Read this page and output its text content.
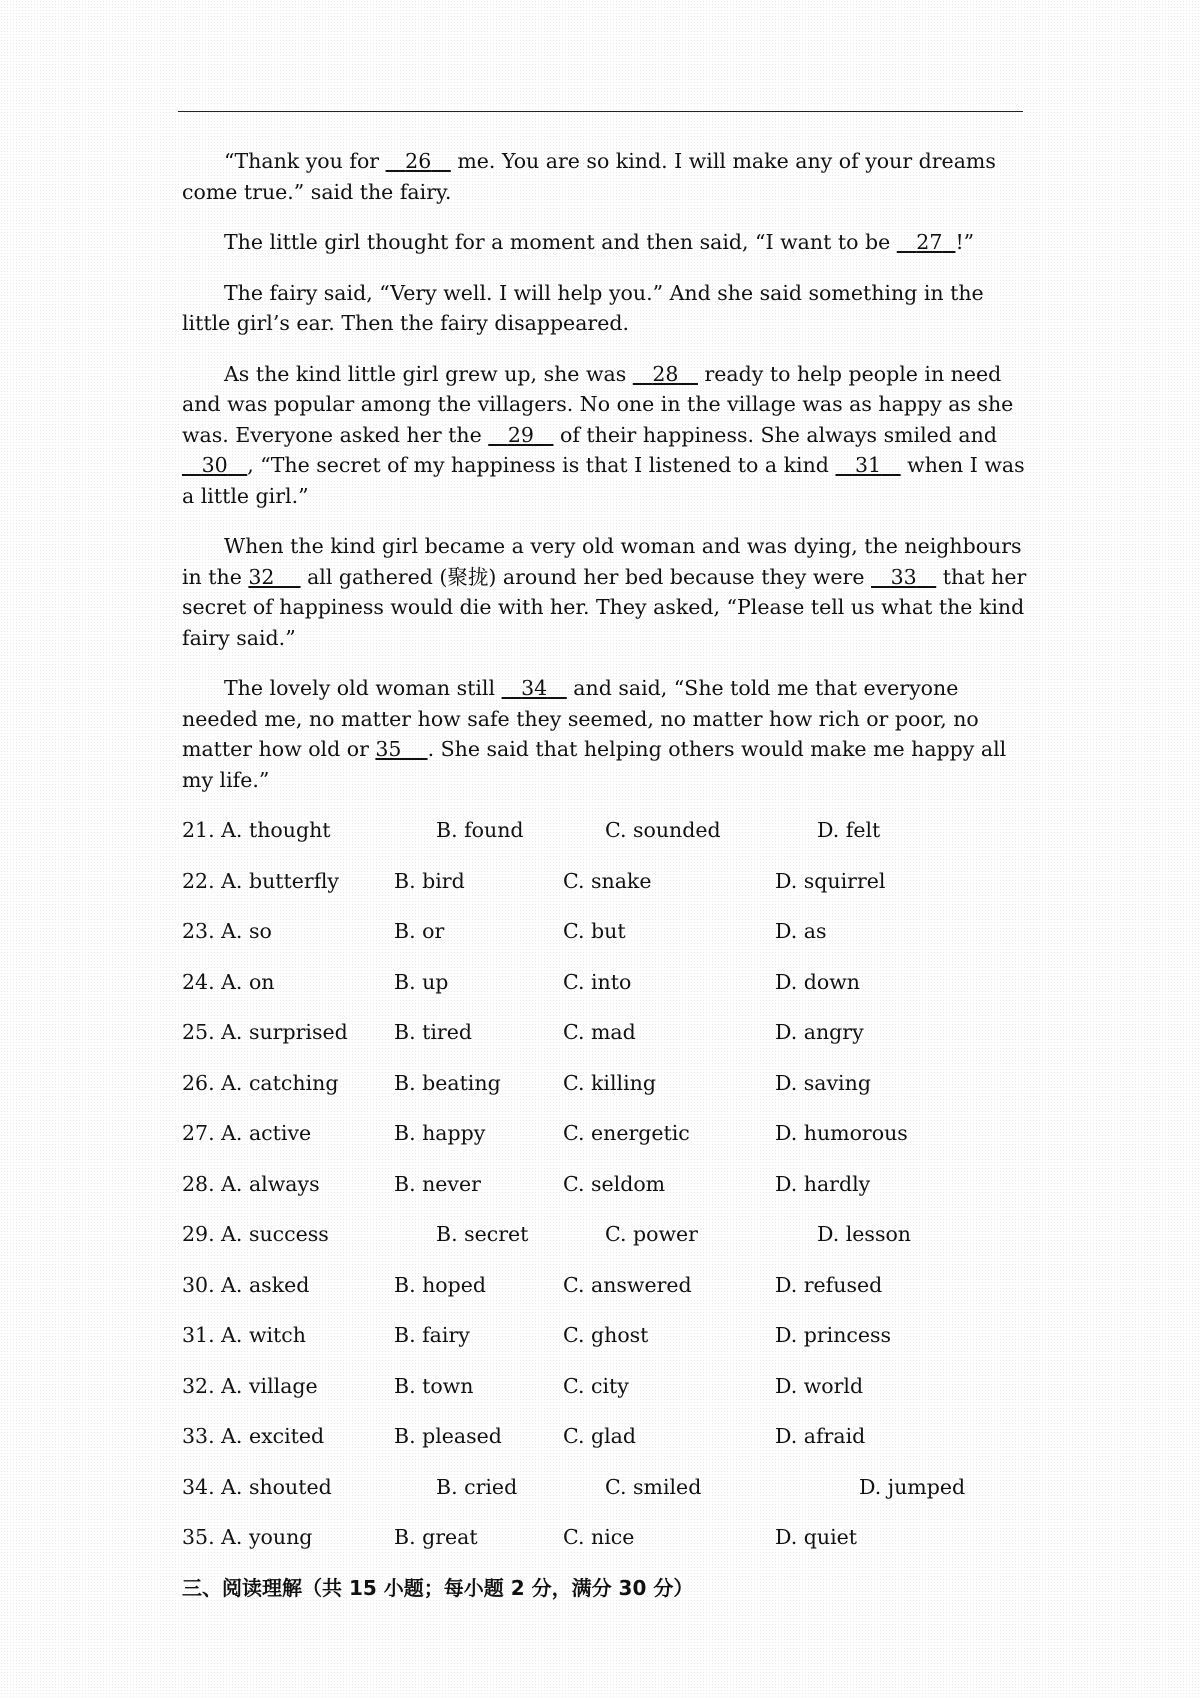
“Thank you for    26    me. You are so kind. I will make any of your dreams come true.” said the fairy.

The little girl thought for a moment and then said, “I want to be    27 !”

The fairy said, “Very well. I will help you.” And she said something in the little girl’s ear. Then the fairy disappeared.

As the kind little girl grew up, she was    28    ready to help people in need and was popular among the villagers. No one in the village was as happy as she was. Everyone asked her the    29    of their happiness. She always smiled and    30 , “The secret of my happiness is that I listened to a kind    31    when I was a little girl.”

When the kind girl became a very old woman and was dying, the neighbours in the 32     all gathered (聚拢) around her bed because they were    33    that her secret of happiness would die with her. They asked, “Please tell us what the kind fairy said.”

The lovely old woman still    34    and said, “She told me that everyone needed me, no matter how safe they seemed, no matter how rich or poor, no matter how old or 35 . She said that helping others would make me happy all my life.”

21. A. thought	B. found	C. sounded	D. felt
22. A. butterfly	B. bird	C. snake	D. squirrel
23. A. so	B. or	C. but	D. as
24. A. on	B. up	C. into	D. down
25. A. surprised B. tired	C. mad	D. angry
26. A. catching	B. beating	C. killing	D. saving
27. A. active	B. happy	C. energetic	D. humorous
28. A. always	B. never	C. seldom	D. hardly
29. A. success	B. secret	C. power	D. lesson
30. A. asked	B. hoped	C. answered	D. refused
31. A. witch	B. fairy	C. ghost	D. princess
32. A. village	B. town	C. city	D. world
33. A. excited	B. pleased	C. glad	D. afraid
34. A. shouted	B. cried	C. smiled	D. jumped
35. A. young	B. great	C. nice	D. quiet
三、阅读理解（共 15 小题；每小题 2 分，满分 30 分）
